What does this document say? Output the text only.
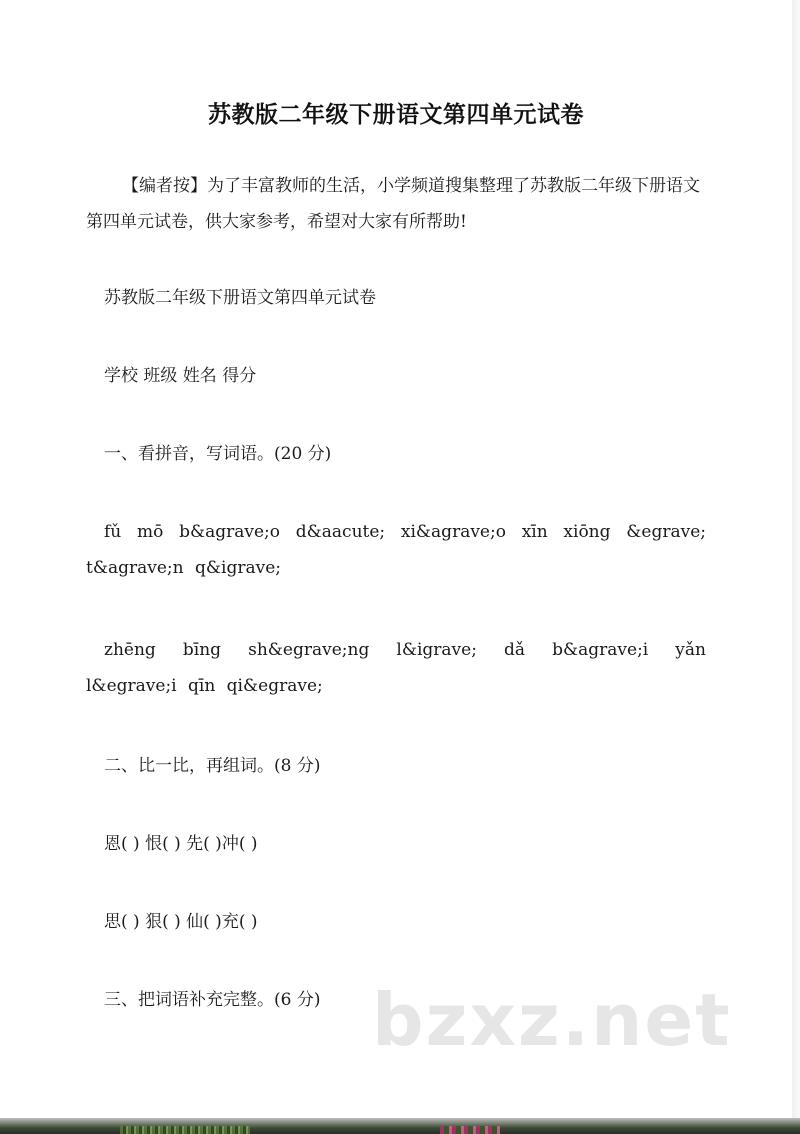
苏教版二年级下册语文第四单元试卷

【编者按】为了丰富教师的生活，小学频道搜集整理了苏教版二年级下册语文第四单元试卷，供大家参考，希望对大家有所帮助!

苏教版二年级下册语文第四单元试卷

学校 班级 姓名 得分

一、看拼音，写词语。(20 分)

fǔ mō b&agrave;o d&aacute; xi&agrave;o xīn xiōng &egrave; t&agrave;n q&igrave;

zhēng bīng sh&egrave;ng l&igrave; dǎ b&agrave;i yǎn l&egrave;i qīn qi&egrave;

二、比一比，再组词。(8 分)

恩( ) 恨( ) 先( )冲( )

思( ) 狠( ) 仙( )充( )

三、把词语补充完整。(6 分) bzxz.net
